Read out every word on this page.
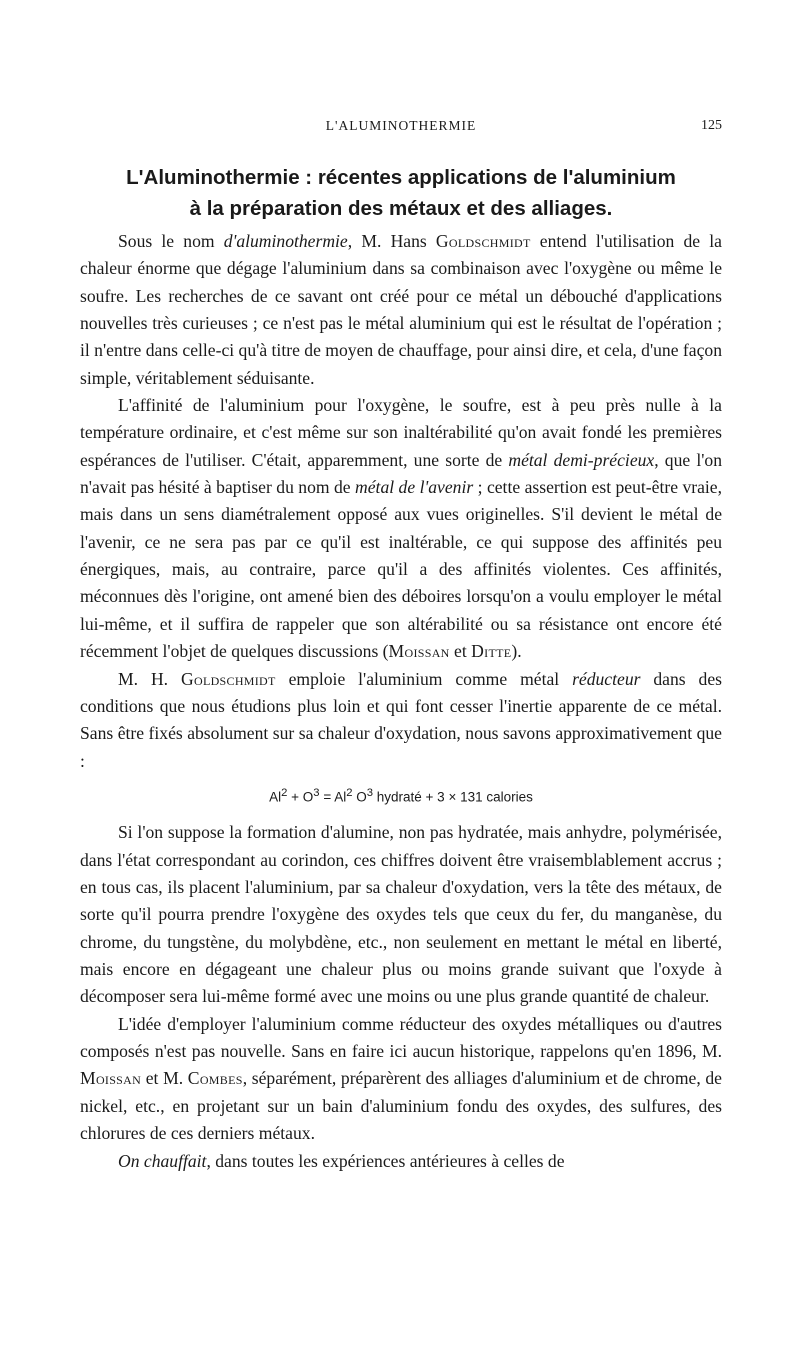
L'ALUMINOTHERMIE	125
L'Aluminothermie : récentes applications de l'aluminium
à la préparation des métaux et des alliages.

Sous le nom d'aluminothermie, M. Hans Goldschmidt entend l'utilisation de la chaleur énorme que dégage l'aluminium dans sa combinaison avec l'oxygène ou même le soufre. Les recherches de ce savant ont créé pour ce métal un débouché d'applications nouvelles très curieuses ; ce n'est pas le métal aluminium qui est le résultat de l'opération ; il n'entre dans celle-ci qu'à titre de moyen de chauffage, pour ainsi dire, et cela, d'une façon simple, véritablement séduisante.

L'affinité de l'aluminium pour l'oxygène, le soufre, est à peu près nulle à la température ordinaire, et c'est même sur son inaltérabilité qu'on avait fondé les premières espérances de l'utiliser. C'était, apparemment, une sorte de métal demi-précieux, que l'on n'avait pas hésité à baptiser du nom de métal de l'avenir ; cette assertion est peut-être vraie, mais dans un sens diamétralement opposé aux vues originelles. S'il devient le métal de l'avenir, ce ne sera pas par ce qu'il est inaltérable, ce qui suppose des affinités peu énergiques, mais, au contraire, parce qu'il a des affinités violentes. Ces affinités, méconnues dès l'origine, ont amené bien des déboires lorsqu'on a voulu employer le métal lui-même, et il suffira de rappeler que son altérabilité ou sa résistance ont encore été récemment l'objet de quelques discussions (Moissan et Ditte).

M. H. Goldschmidt emploie l'aluminium comme métal réducteur dans des conditions que nous étudions plus loin et qui font cesser l'inertie apparente de ce métal. Sans être fixés absolument sur sa chaleur d'oxydation, nous savons approximativement que :

$Al^2 + O^3 = Al^2$ $O^3$ hydraté + 3 × 131 calories

Si l'on suppose la formation d'alumine, non pas hydratée, mais anhydre, polymérisée, dans l'état correspondant au corindon, ces chiffres doivent être vraisemblablement accrus ; en tous cas, ils placent l'aluminium, par sa chaleur d'oxydation, vers la tête des métaux, de sorte qu'il pourra prendre l'oxygène des oxydes tels que ceux du fer, du manganèse, du chrome, du tungstène, du molybdène, etc., non seulement en mettant le métal en liberté, mais encore en dégageant une chaleur plus ou moins grande suivant que l'oxyde à décomposer sera lui-même formé avec une moins ou une plus grande quantité de chaleur.

L'idée d'employer l'aluminium comme réducteur des oxydes métalliques ou d'autres composés n'est pas nouvelle. Sans en faire ici aucun historique, rappelons qu'en 1896, M. Moissan et M. Combes, séparément, préparèrent des alliages d'aluminium et de chrome, de nickel, etc., en projetant sur un bain d'aluminium fondu des oxydes, des sulfures, des chlorures de ces derniers métaux.

On chauffait, dans toutes les expériences antérieures à celles de
